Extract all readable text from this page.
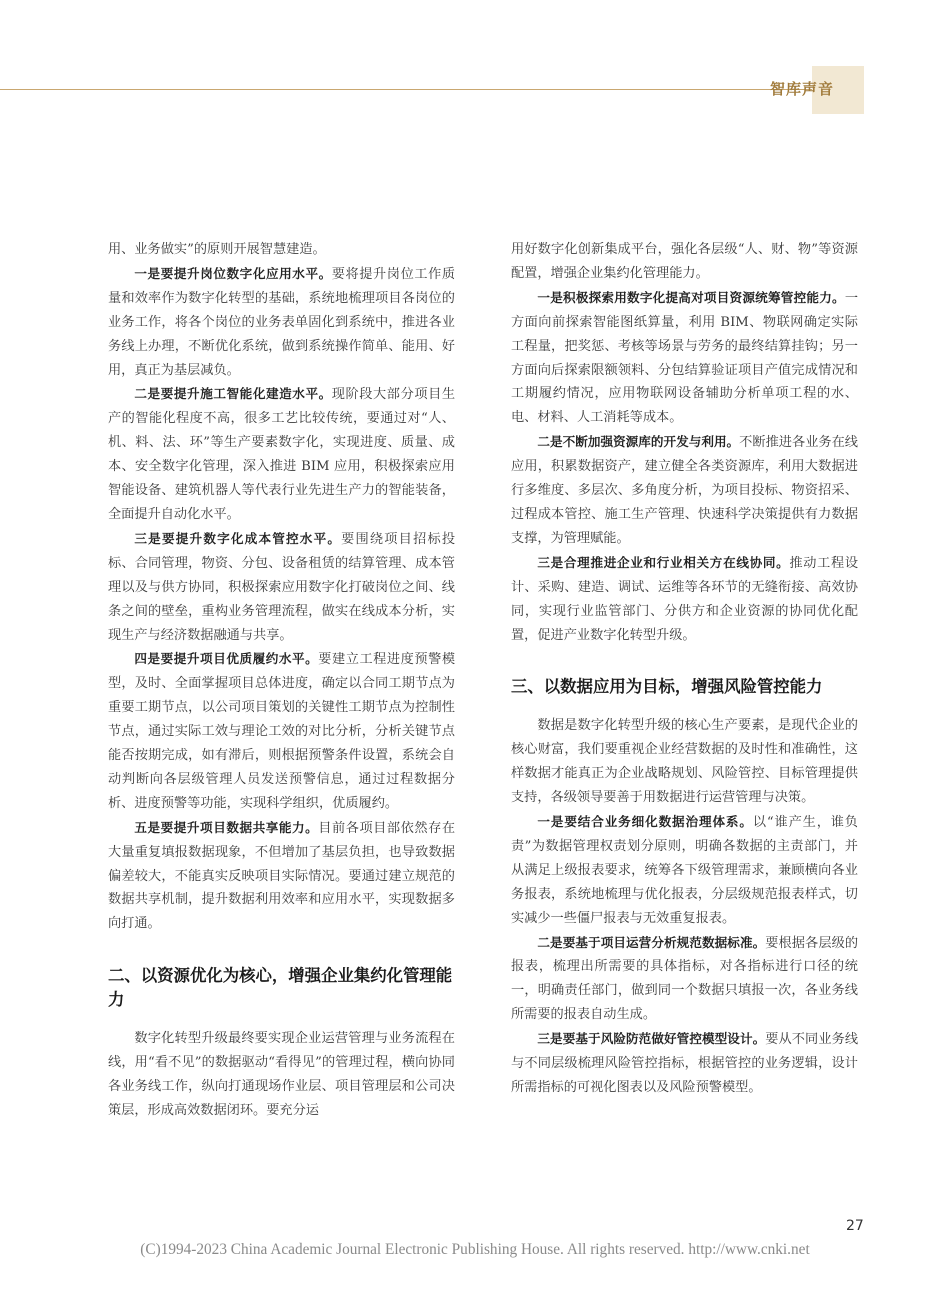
智库声音

用、业务做实”的原则开展智慧建造。

一是要提升岗位数字化应用水平。要将提升岗位工作质量和效率作为数字化转型的基础，系统地梳理项目各岗位的业务工作，将各个岗位的业务表单固化到系统中，推进各业务线上办理，不断优化系统，做到系统操作简单、能用、好用，真正为基层减负。

二是要提升施工智能化建造水平。现阶段大部分项目生产的智能化程度不高，很多工艺比较传统，要通过对“人、机、料、法、环”等生产要素数字化，实现进度、质量、成本、安全数字化管理，深入推进 BIM 应用，积极探索应用智能设备、建筑机器人等代表行业先进生产力的智能装备，全面提升自动化水平。

三是要提升数字化成本管控水平。要围绕项目招标投标、合同管理，物资、分包、设备租赁的结算管理、成本管理以及与供方协同，积极探索应用数字化打破岗位之间、线条之间的壁垒，重构业务管理流程，做实在线成本分析，实现生产与经济数据融通与共享。

四是要提升项目优质履约水平。要建立工程进度预警模型，及时、全面掌握项目总体进度，确定以合同工期节点为重要工期节点，以公司项目策划的关键性工期节点为控制性节点，通过实际工效与理论工效的对比分析，分析关键节点能否按期完成，如有滞后，则根据预警条件设置，系统会自动判断向各层级管理人员发送预警信息，通过过程数据分析、进度预警等功能，实现科学组织，优质履约。

五是要提升项目数据共享能力。目前各项目部依然存在大量重复填报数据现象，不但增加了基层负担，也导致数据偏差较大，不能真实反映项目实际情况。要通过建立规范的数据共享机制，提升数据利用效率和应用水平，实现数据多向打通。

二、以资源优化为核心，增强企业集约化管理能力

数字化转型升级最终要实现企业运营管理与业务流程在线，用“看不见”的数据驱动“看得见”的管理过程，横向协同各业务线工作，纵向打通现场作业层、项目管理层和公司决策层，形成高效数据闭环。要充分运

用好数字化创新集成平台，强化各层级“人、财、物”等资源配置，增强企业集约化管理能力。

一是积极探索用数字化提高对项目资源统筹管控能力。一方面向前探索智能图纸算量，利用 BIM、物联网确定实际工程量，把奖惩、考核等场景与劳务的最终结算挂钩；另一方面向后探索限额领料、分包结算验证项目产值完成情况和工期履约情况，应用物联网设备辅助分析单项工程的水、电、材料、人工消耗等成本。

二是不断加强资源库的开发与利用。不断推进各业务在线应用，积累数据资产，建立健全各类资源库，利用大数据进行多维度、多层次、多角度分析，为项目投标、物资招采、过程成本管控、施工生产管理、快速科学决策提供有力数据支撑，为管理赋能。

三是合理推进企业和行业相关方在线协同。推动工程设计、采购、建造、调试、运维等各环节的无缝衔接、高效协同，实现行业监管部门、分供方和企业资源的协同优化配置，促进产业数字化转型升级。

三、以数据应用为目标，增强风险管控能力

数据是数字化转型升级的核心生产要素，是现代企业的核心财富，我们要重视企业经营数据的及时性和准确性，这样数据才能真正为企业战略规划、风险管控、目标管理提供支持，各级领导要善于用数据进行运营管理与决策。

一是要结合业务细化数据治理体系。以“谁产生，谁负责”为数据管理权责划分原则，明确各数据的主责部门，并从满足上级报表要求，统筹各下级管理需求，兼顾横向各业务报表，系统地梳理与优化报表，分层级规范报表样式，切实减少一些僵尸报表与无效重复报表。

二是要基于项目运营分析规范数据标准。要根据各层级的报表，梳理出所需要的具体指标，对各指标进行口径的统一，明确责任部门，做到同一个数据只填报一次，各业务线所需要的报表自动生成。

三是要基于风险防范做好管控模型设计。要从不同业务线与不同层级梳理风险管控指标，根据管控的业务逻辑，设计所需指标的可视化图表以及风险预警模型。

27
(C)1994-2023 China Academic Journal Electronic Publishing House. All rights reserved. http://www.cnki.net
